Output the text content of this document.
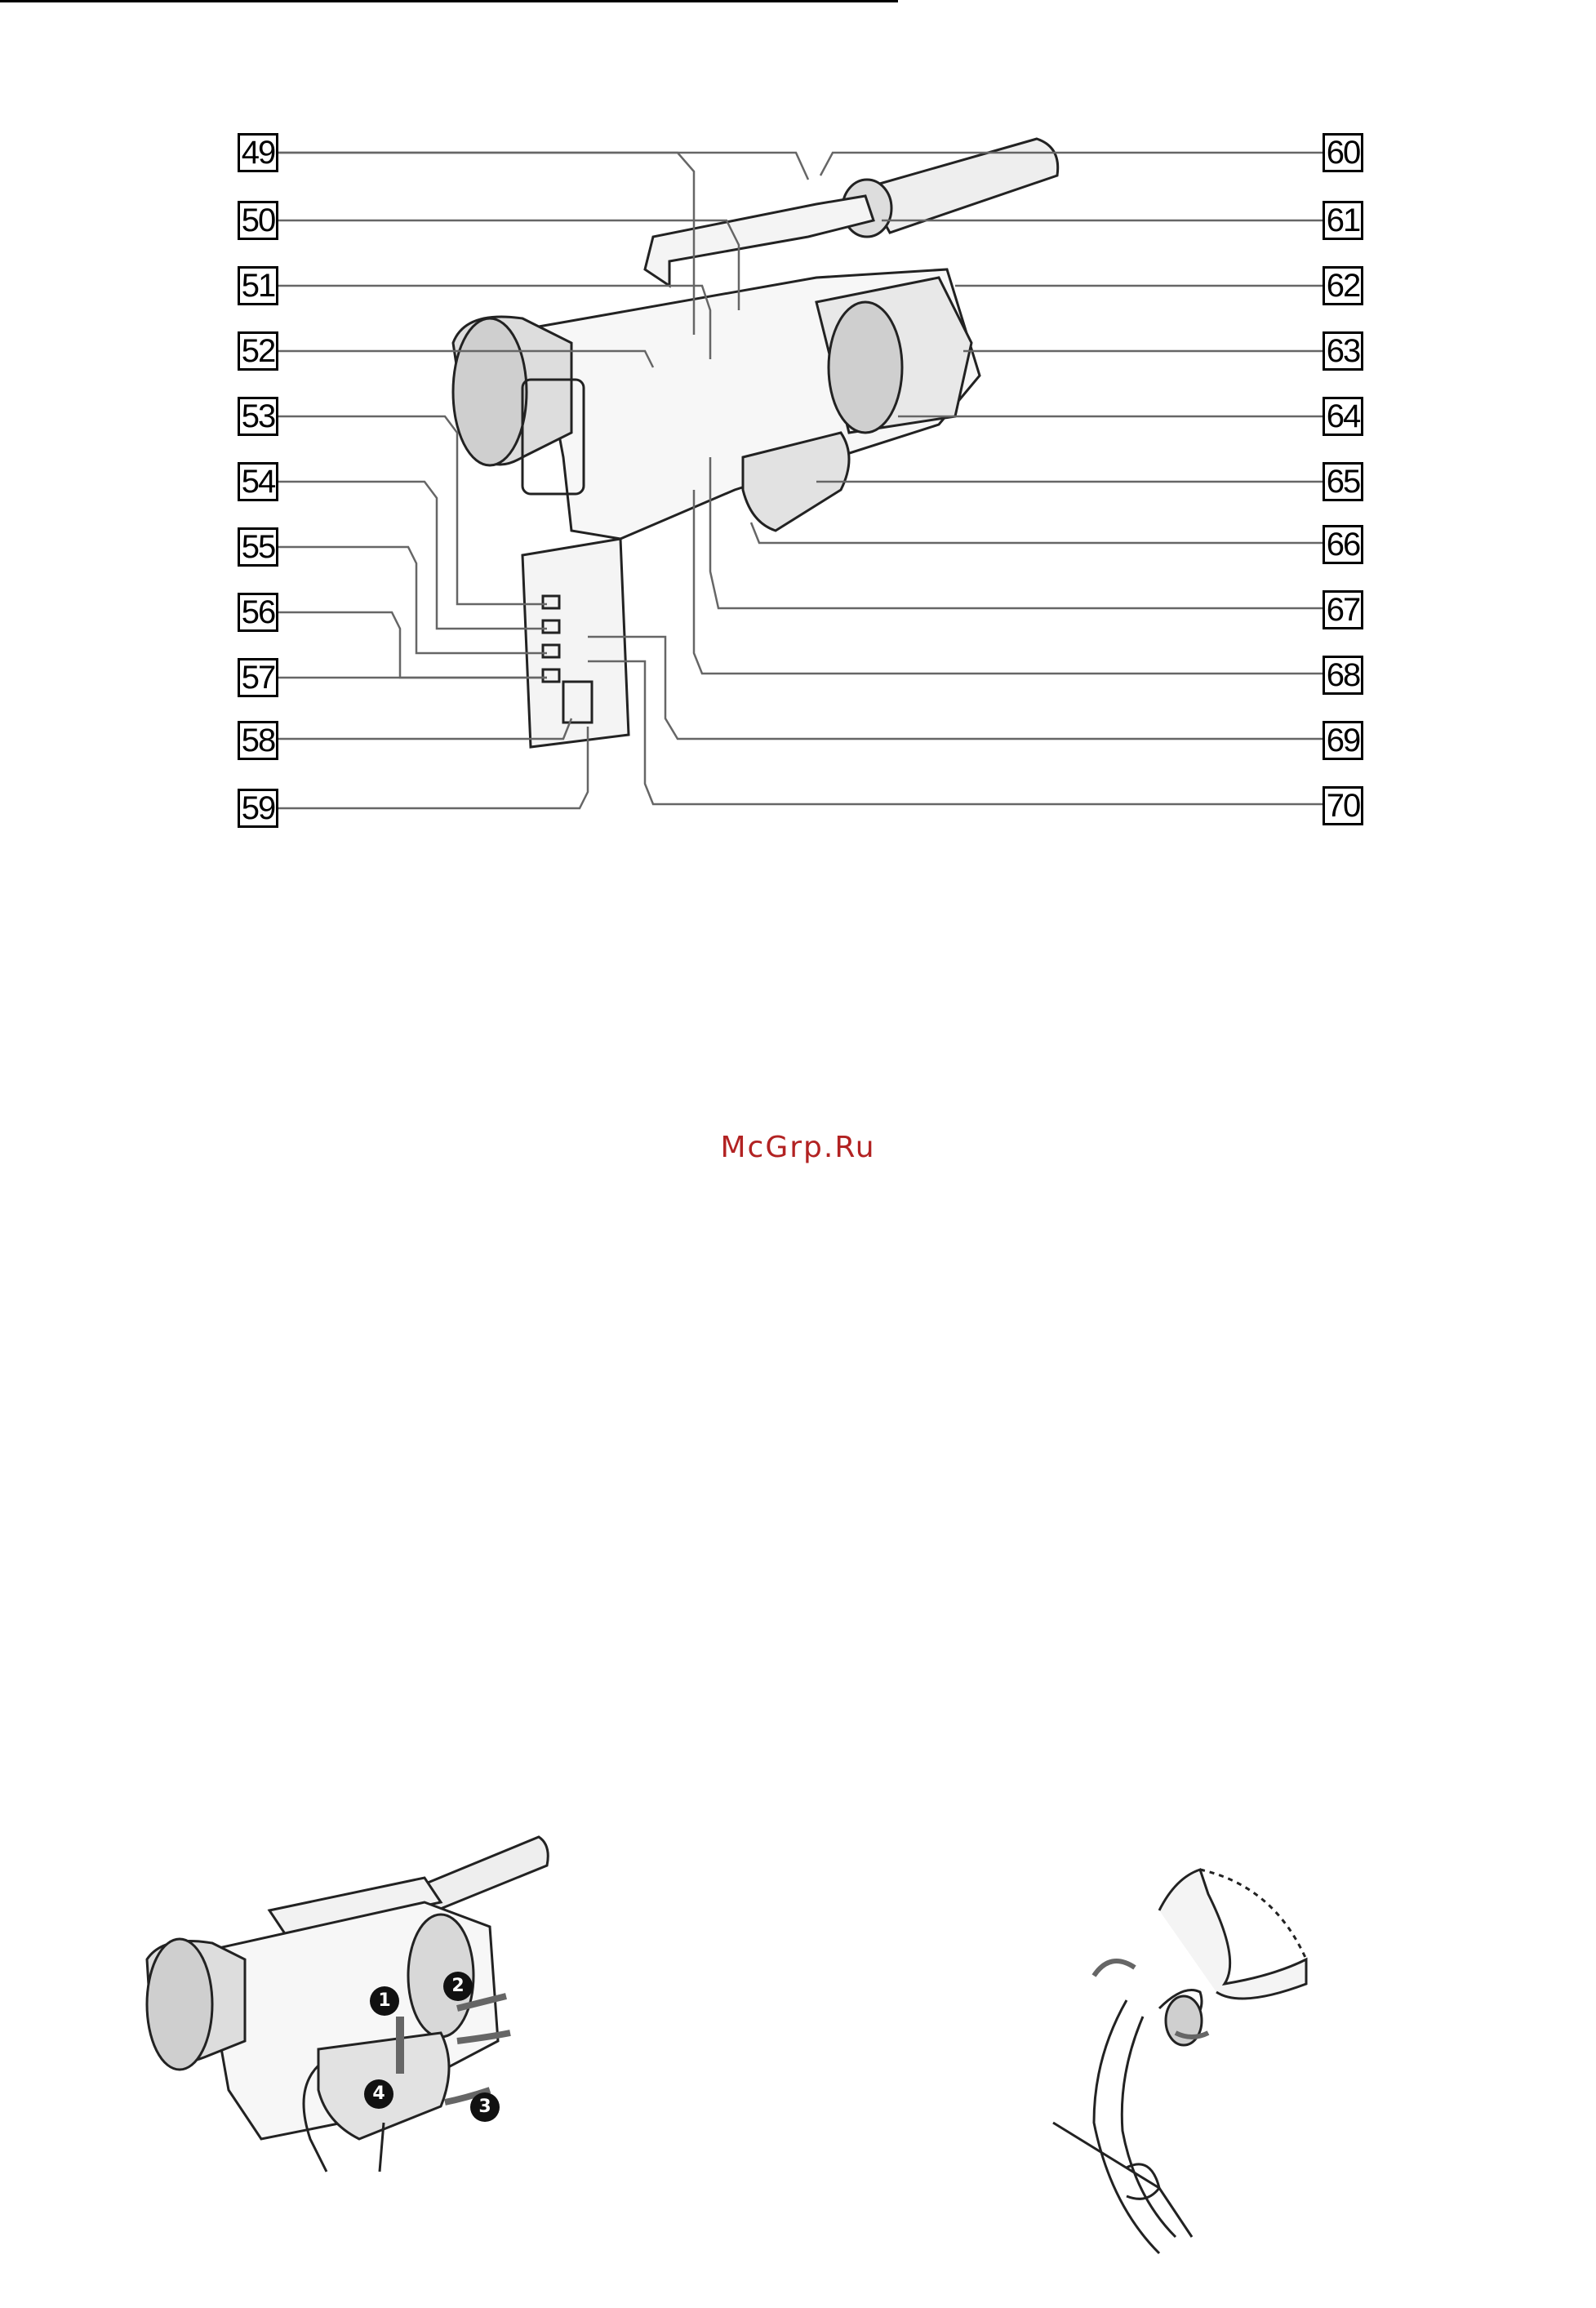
49
50
51
52
53
54
55
56
57
58
59
60
61
62
63
64
65
66
67
68
69
70
McGrp.Ru
1
2
3
4
